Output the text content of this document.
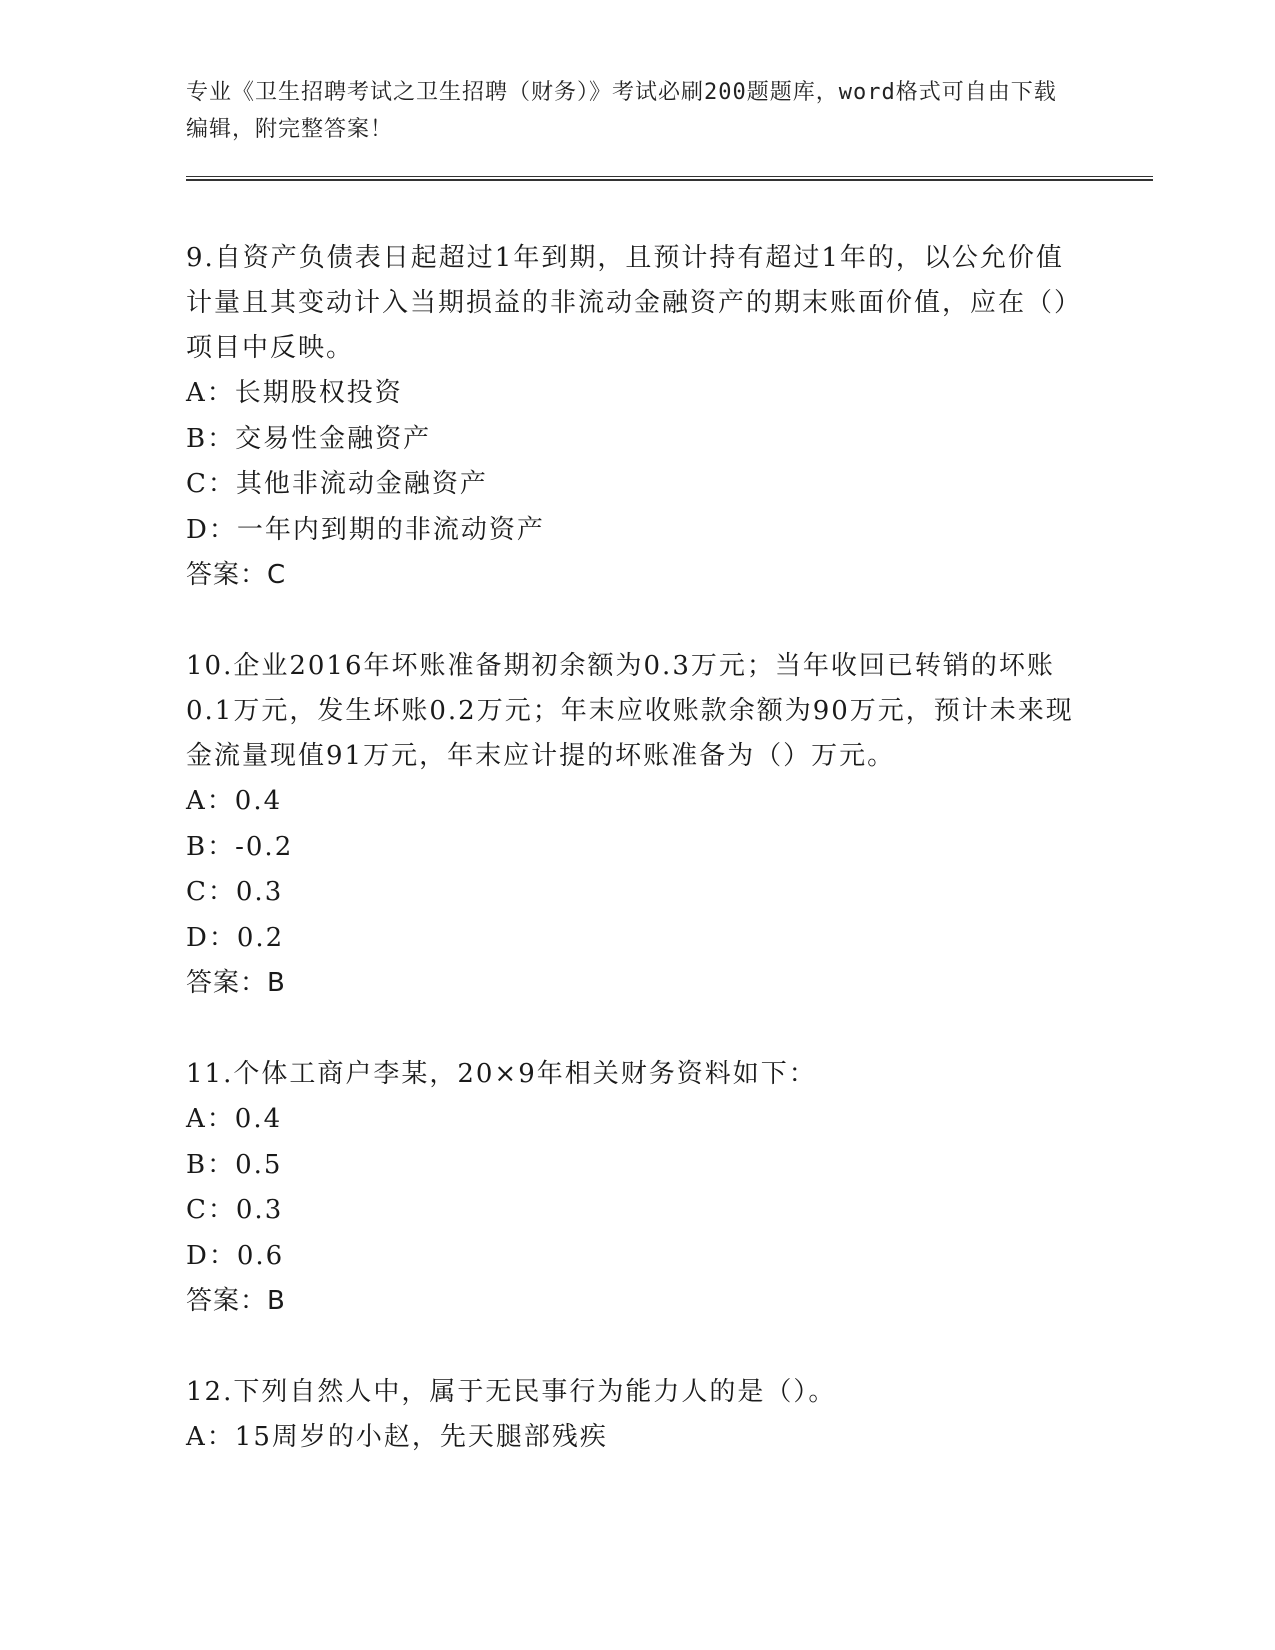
专业《卫生招聘考试之卫生招聘（财务）》考试必刷200题题库，word格式可自由下载编辑，附完整答案！

9.自资产负债表日起超过1年到期，且预计持有超过1年的，以公允价值计量且其变动计入当期损益的非流动金融资产的期末账面价值，应在（）项目中反映。

A：长期股权投资

B：交易性金融资产

C：其他非流动金融资产

D：一年内到期的非流动资产

答案：C

10.企业2016年坏账准备期初余额为0.3万元；当年收回已转销的坏账0.1万元，发生坏账0.2万元；年末应收账款余额为90万元，预计未来现金流量现值91万元，年末应计提的坏账准备为（）万元。

A：0.4

B：-0.2

C：0.3

D：0.2

答案：B

11.个体工商户李某，20×9年相关财务资料如下：

A：0.4

B：0.5

C：0.3

D：0.6

答案：B

12.下列自然人中，属于无民事行为能力人的是（）。

A：15周岁的小赵，先天腿部残疾
